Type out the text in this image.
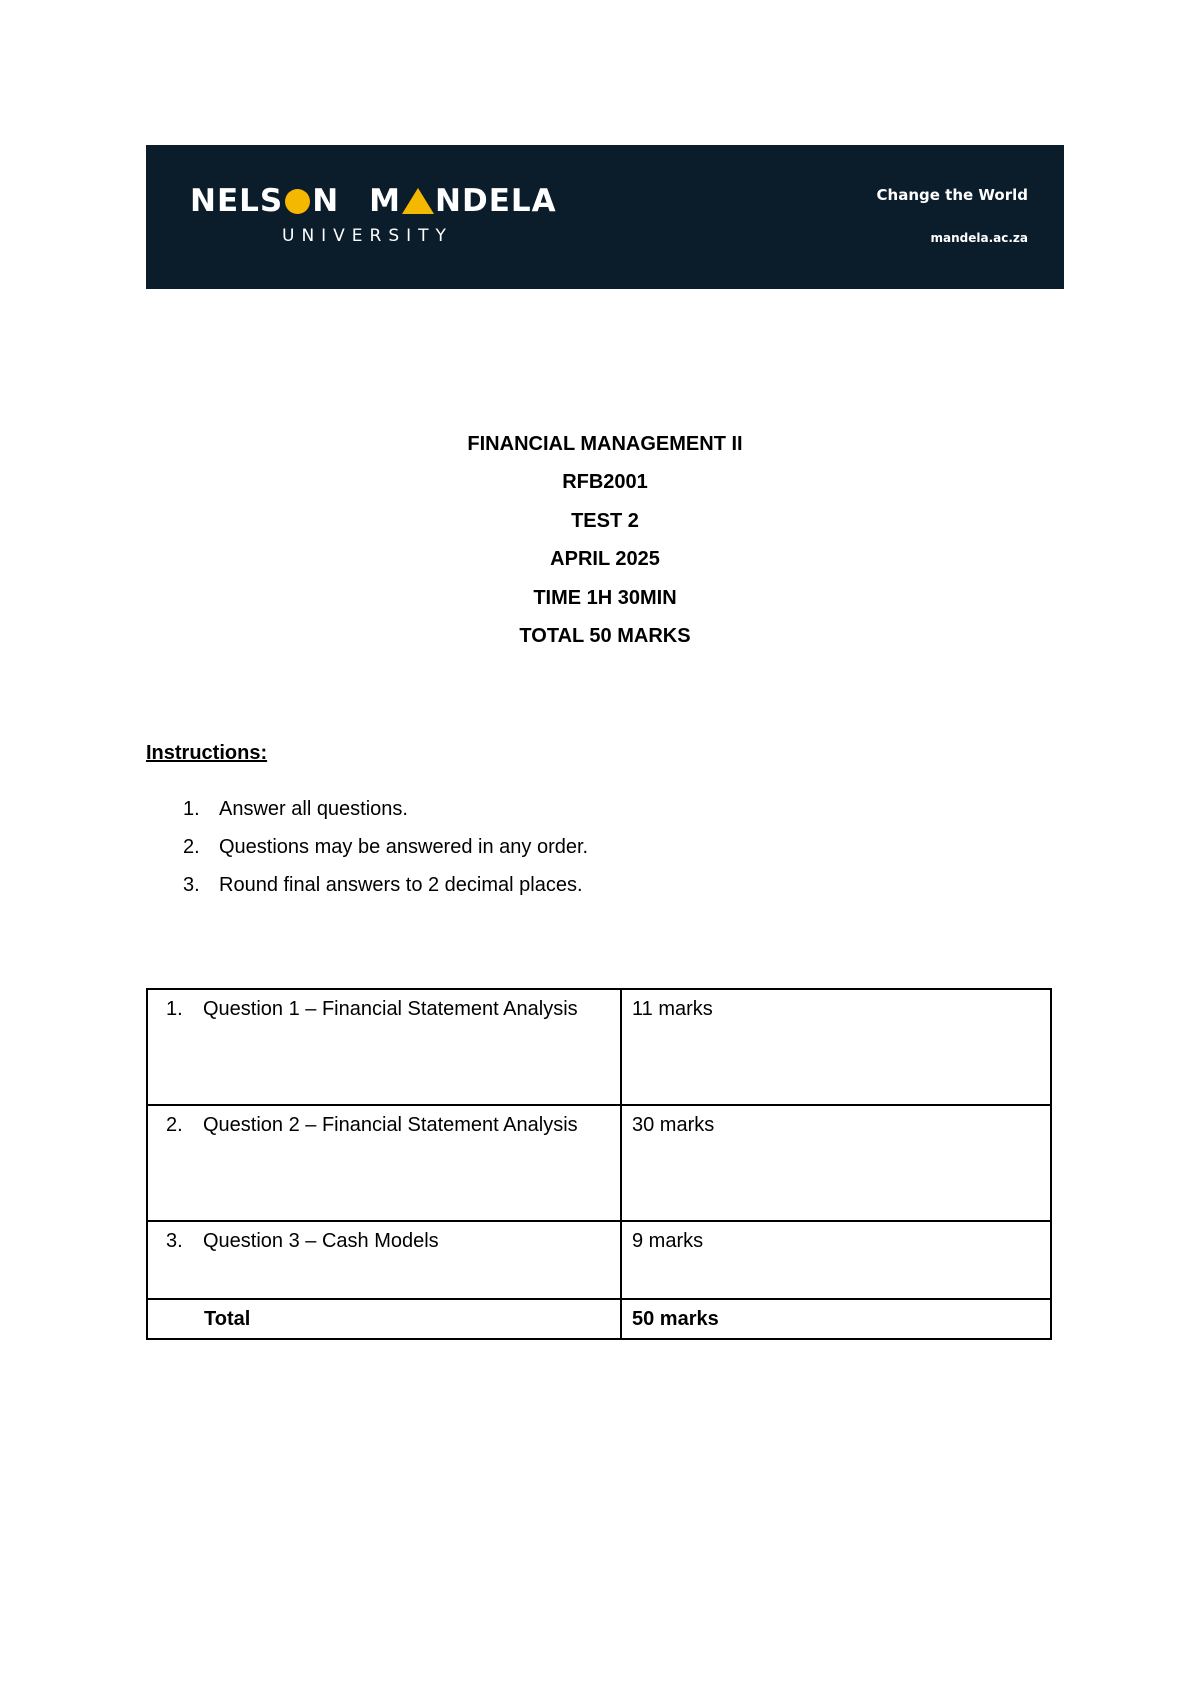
NELS N M NDELA
UNIVERSITY
Change the World
mandela.ac.za
FINANCIAL MANAGEMENT II
RFB2001
TEST 2
APRIL 2025
TIME 1H 30MIN
TOTAL 50 MARKS
Instructions:
1. Answer all questions.
2. Questions may be answered in any order.
3. Round final answers to 2 decimal places.
1. Question 1 – Financial Statement Analysis	11 marks

2. Question 2 – Financial Statement Analysis	30 marks

3. Question 3 – Cash Models	9 marks

Total	50 marks
